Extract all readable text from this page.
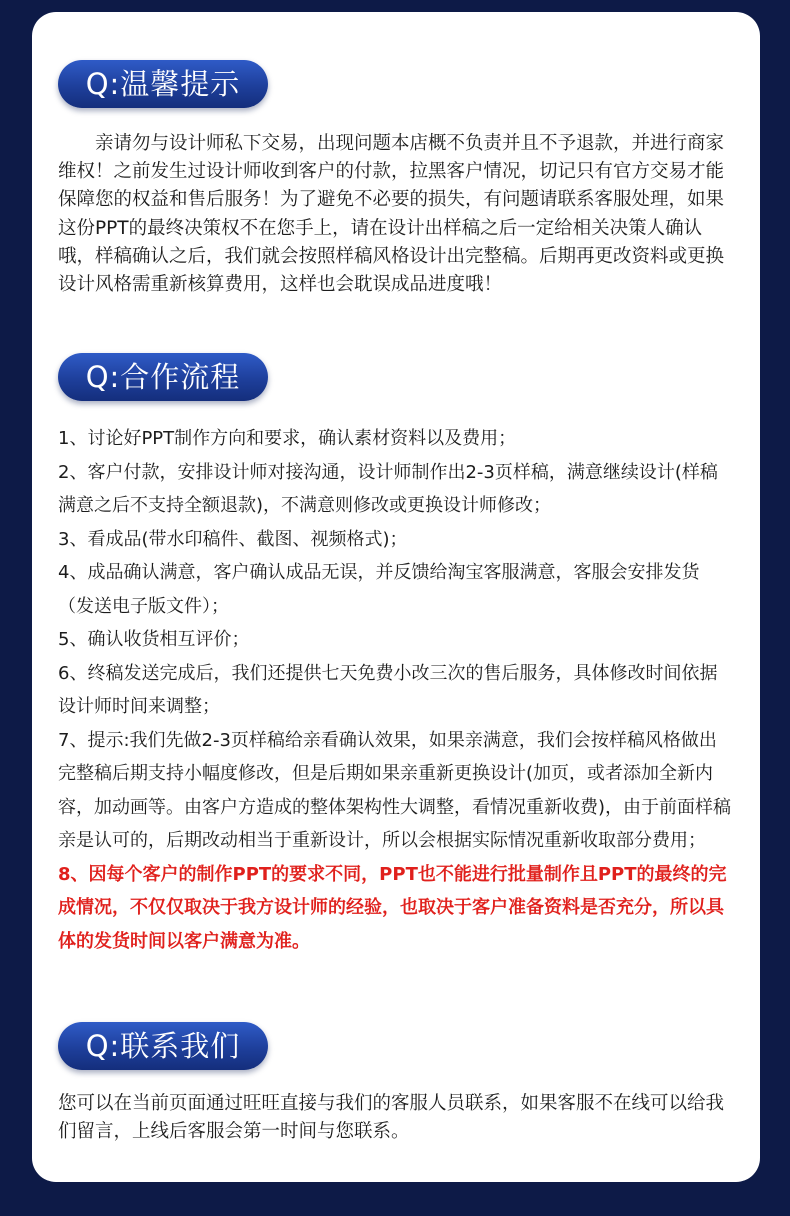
Q:温馨提示

亲请勿与设计师私下交易，出现问题本店概不负责并且不予退款，并进行商家维权！之前发生过设计师收到客户的付款，拉黑客户情况，切记只有官方交易才能保障您的权益和售后服务！为了避免不必要的损失，有问题请联系客服处理，如果这份PPT的最终决策权不在您手上，请在设计出样稿之后一定给相关决策人确认哦，样稿确认之后，我们就会按照样稿风格设计出完整稿。后期再更改资料或更换设计风格需重新核算费用，这样也会耽误成品进度哦！

Q:合作流程

1、讨论好PPT制作方向和要求，确认素材资料以及费用；

2、客户付款，安排设计师对接沟通，设计师制作出2-3页样稿，满意继续设计(样稿满意之后不支持全额退款)，不满意则修改或更换设计师修改；

3、看成品(带水印稿件、截图、视频格式)；

4、成品确认满意，客户确认成品无误，并反馈给淘宝客服满意，客服会安排发货（发送电子版文件）；

5、确认收货相互评价；

6、终稿发送完成后，我们还提供七天免费小改三次的售后服务，具体修改时间依据设计师时间来调整；

7、提示:我们先做2-3页样稿给亲看确认效果，如果亲满意，我们会按样稿风格做出完整稿后期支持小幅度修改，但是后期如果亲重新更换设计(加页，或者添加全新内容，加动画等。由客户方造成的整体架构性大调整，看情况重新收费)，由于前面样稿亲是认可的，后期改动相当于重新设计，所以会根据实际情况重新收取部分费用；

8、因每个客户的制作PPT的要求不同，PPT也不能进行批量制作且PPT的最终的完成情况，不仅仅取决于我方设计师的经验，也取决于客户准备资料是否充分，所以具体的发货时间以客户满意为准。

Q:联系我们

您可以在当前页面通过旺旺直接与我们的客服人员联系，如果客服不在线可以给我们留言，上线后客服会第一时间与您联系。
